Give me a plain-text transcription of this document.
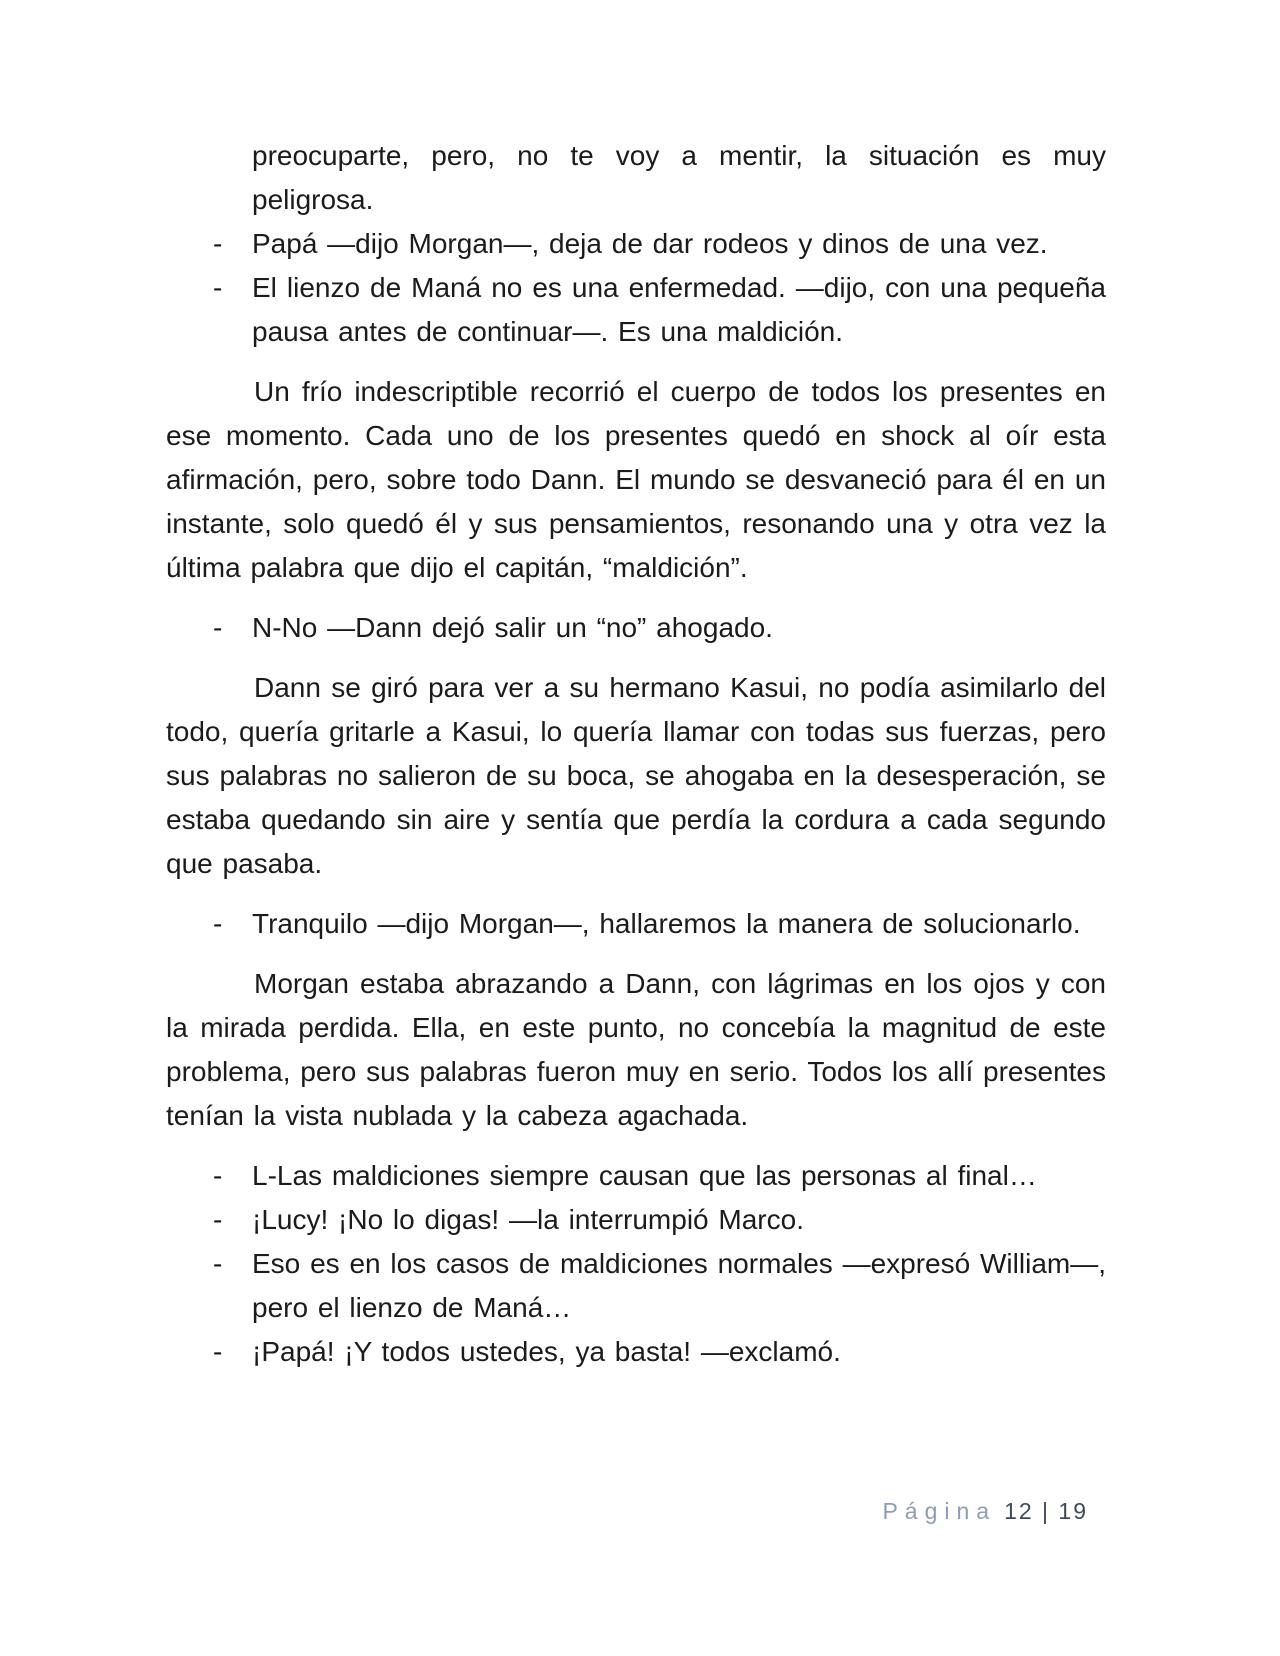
preocuparte, pero, no te voy a mentir, la situación es muy peligrosa.
- Papá —dijo Morgan—, deja de dar rodeos y dinos de una vez.
- El lienzo de Maná no es una enfermedad. —dijo, con una pequeña pausa antes de continuar—. Es una maldición.

Un frío indescriptible recorrió el cuerpo de todos los presentes en ese momento. Cada uno de los presentes quedó en shock al oír esta afirmación, pero, sobre todo Dann. El mundo se desvaneció para él en un instante, solo quedó él y sus pensamientos, resonando una y otra vez la última palabra que dijo el capitán, “maldición”.

- N-No —Dann dejó salir un “no” ahogado.

Dann se giró para ver a su hermano Kasui, no podía asimilarlo del todo, quería gritarle a Kasui, lo quería llamar con todas sus fuerzas, pero sus palabras no salieron de su boca, se ahogaba en la desesperación, se estaba quedando sin aire y sentía que perdía la cordura a cada segundo que pasaba.

- Tranquilo —dijo Morgan—, hallaremos la manera de solucionarlo.

Morgan estaba abrazando a Dann, con lágrimas en los ojos y con la mirada perdida. Ella, en este punto, no concebía la magnitud de este problema, pero sus palabras fueron muy en serio. Todos los allí presentes tenían la vista nublada y la cabeza agachada.

- L-Las maldiciones siempre causan que las personas al final…
- ¡Lucy! ¡No lo digas! —la interrumpió Marco.
- Eso es en los casos de maldiciones normales —expresó William—, pero el lienzo de Maná…
- ¡Papá! ¡Y todos ustedes, ya basta! —exclamó.
Página 12 | 19
